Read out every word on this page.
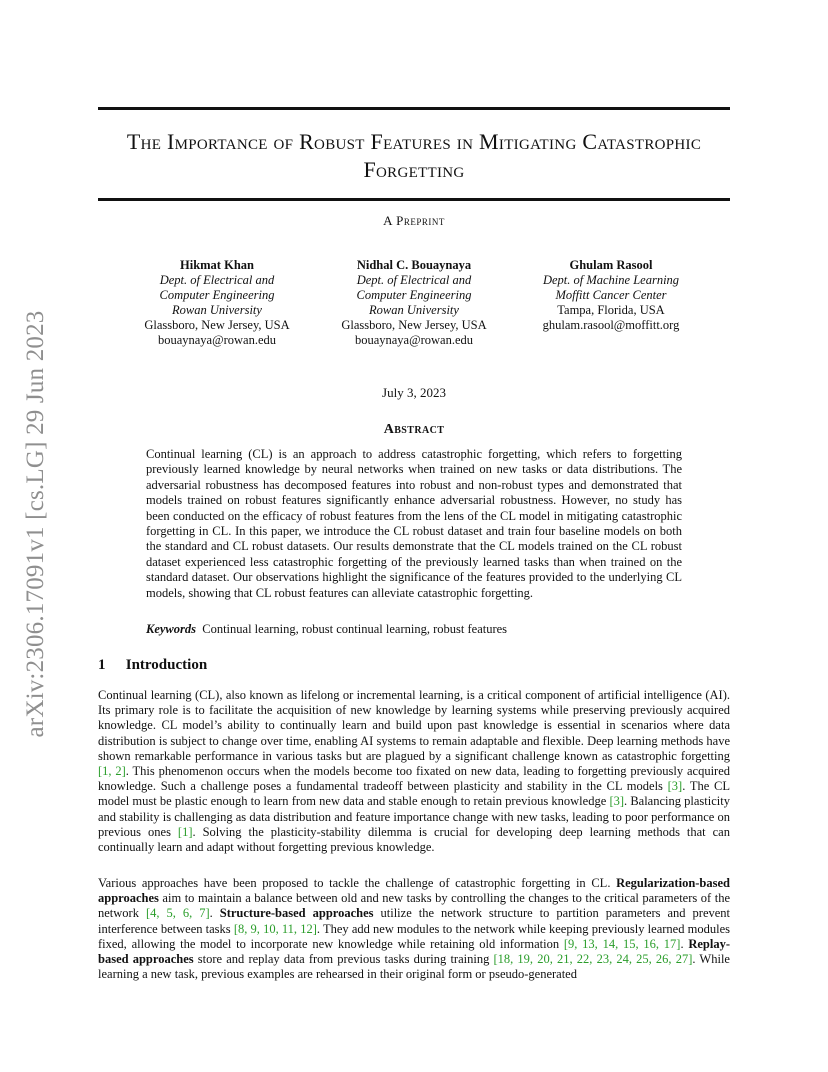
arXiv:2306.17091v1 [cs.LG] 29 Jun 2023
The Importance of Robust Features in Mitigating Catastrophic Forgetting
A Preprint
Hikmat Khan
Dept. of Electrical and
Computer Engineering
Rowan University
Glassboro, New Jersey, USA
bouaynaya@rowan.edu
Nidhal C. Bouaynaya
Dept. of Electrical and
Computer Engineering
Rowan University
Glassboro, New Jersey, USA
bouaynaya@rowan.edu
Ghulam Rasool
Dept. of Machine Learning
Moffitt Cancer Center
Tampa, Florida, USA
ghulam.rasool@moffitt.org
July 3, 2023
Abstract
Continual learning (CL) is an approach to address catastrophic forgetting, which refers to forgetting previously learned knowledge by neural networks when trained on new tasks or data distributions. The adversarial robustness has decomposed features into robust and non-robust types and demonstrated that models trained on robust features significantly enhance adversarial robustness. However, no study has been conducted on the efficacy of robust features from the lens of the CL model in mitigating catastrophic forgetting in CL. In this paper, we introduce the CL robust dataset and train four baseline models on both the standard and CL robust datasets. Our results demonstrate that the CL models trained on the CL robust dataset experienced less catastrophic forgetting of the previously learned tasks than when trained on the standard dataset. Our observations highlight the significance of the features provided to the underlying CL models, showing that CL robust features can alleviate catastrophic forgetting.
Keywords Continual learning, robust continual learning, robust features
1 Introduction
Continual learning (CL), also known as lifelong or incremental learning, is a critical component of artificial intelligence (AI). Its primary role is to facilitate the acquisition of new knowledge by learning systems while preserving previously acquired knowledge. CL model’s ability to continually learn and build upon past knowledge is essential in scenarios where data distribution is subject to change over time, enabling AI systems to remain adaptable and flexible. Deep learning methods have shown remarkable performance in various tasks but are plagued by a significant challenge known as catastrophic forgetting [1, 2]. This phenomenon occurs when the models become too fixated on new data, leading to forgetting previously acquired knowledge. Such a challenge poses a fundamental tradeoff between plasticity and stability in the CL models [3]. The CL model must be plastic enough to learn from new data and stable enough to retain previous knowledge [3]. Balancing plasticity and stability is challenging as data distribution and feature importance change with new tasks, leading to poor performance on previous ones [1]. Solving the plasticity-stability dilemma is crucial for developing deep learning methods that can continually learn and adapt without forgetting previous knowledge.
Various approaches have been proposed to tackle the challenge of catastrophic forgetting in CL. Regularization-based approaches aim to maintain a balance between old and new tasks by controlling the changes to the critical parameters of the network [4, 5, 6, 7]. Structure-based approaches utilize the network structure to partition parameters and prevent interference between tasks [8, 9, 10, 11, 12]. They add new modules to the network while keeping previously learned modules fixed, allowing the model to incorporate new knowledge while retaining old information [9, 13, 14, 15, 16, 17]. Replay-based approaches store and replay data from previous tasks during training [18, 19, 20, 21, 22, 23, 24, 25, 26, 27]. While learning a new task, previous examples are rehearsed in their original form or pseudo-generated
